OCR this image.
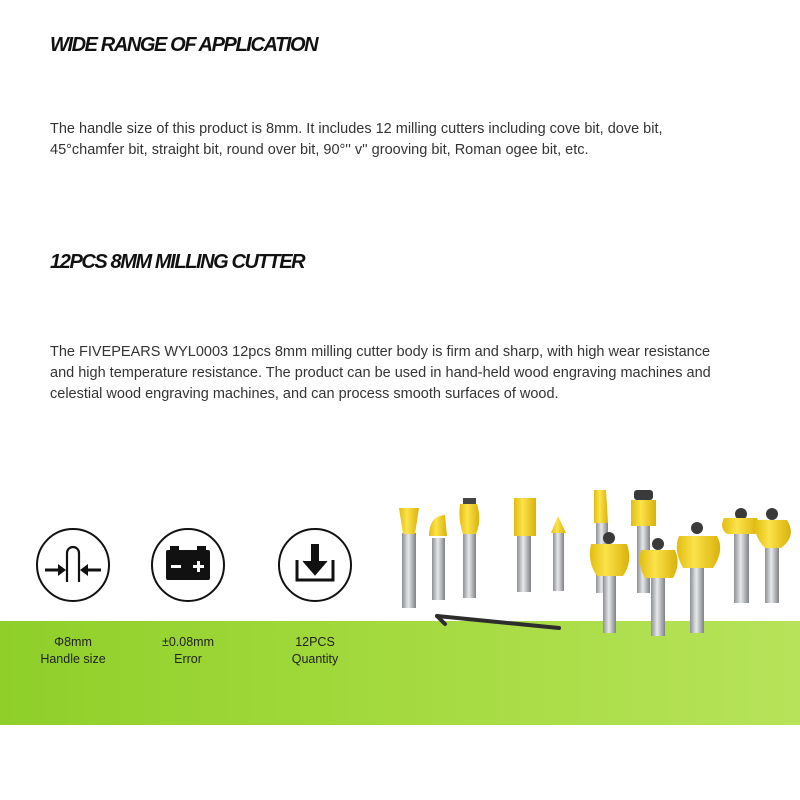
WIDE RANGE OF APPLICATION

The handle size of this product is 8mm. It includes 12 milling cutters including cove bit, dove bit, 45°chamfer bit, straight bit, round over bit, 90°'' v'' grooving bit, Roman ogee bit, etc.

12PCS 8MM MILLING CUTTER

The FIVEPEARS WYL0003 12pcs 8mm milling cutter body is firm and sharp, with high wear resistance and high temperature resistance. The product can be used in hand-held wood engraving machines and celestial wood engraving machines, and can process smooth surfaces of wood.

Φ8mm
Handle size
±0.08mm
Error
12PCS
Quantity
